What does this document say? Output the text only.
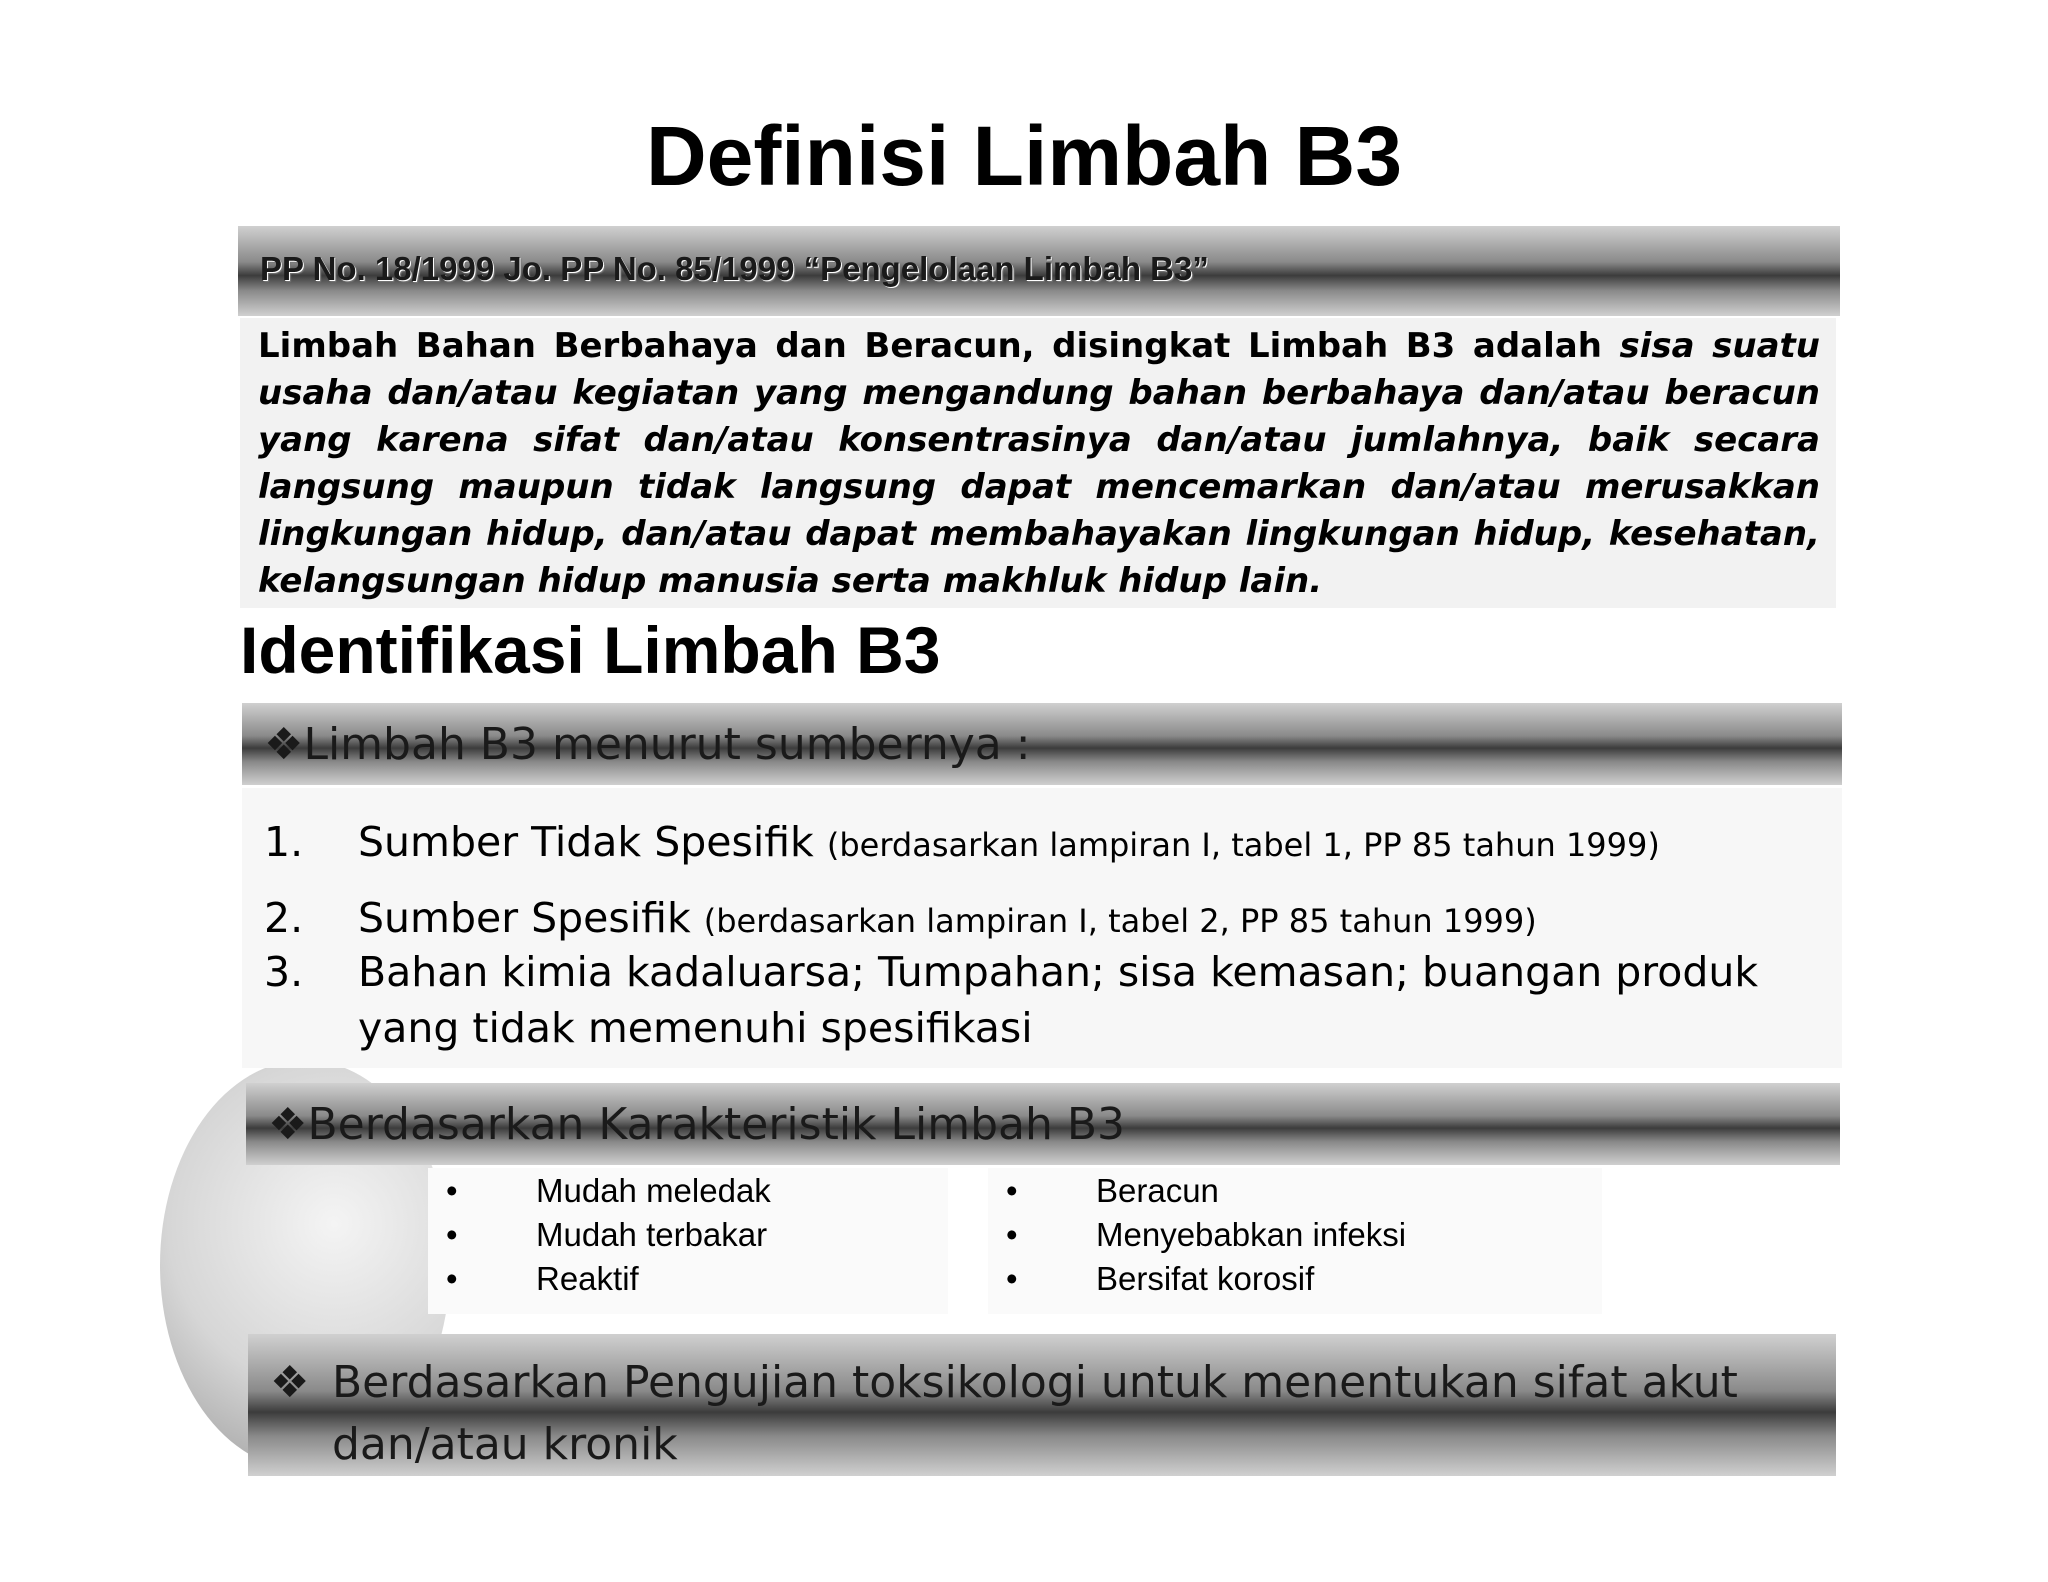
Definisi Limbah B3
PP No. 18/1999 Jo. PP No. 85/1999 “Pengelolaan Limbah B3”

Limbah Bahan Berbahaya dan Beracun, disingkat Limbah B3 adalah sisa suatu usaha dan/atau kegiatan yang mengandung bahan berbahaya dan/atau beracun yang karena sifat dan/atau konsentrasinya dan/atau jumlahnya, baik secara langsung maupun tidak langsung dapat mencemarkan dan/atau merusakkan lingkungan hidup, dan/atau dapat membahayakan lingkungan hidup, kesehatan, kelangsungan hidup manusia serta makhluk hidup lain.

Identifikasi Limbah B3
❖Limbah B3 menurut sumbernya :
1. Sumber Tidak Spesifik (berdasarkan lampiran I, tabel 1, PP 85 tahun 1999)
2. Sumber Spesifik (berdasarkan lampiran I, tabel 2, PP 85 tahun 1999)
3. Bahan kimia kadaluarsa; Tumpahan; sisa kemasan; buangan produk
yang tidak memenuhi spesifikasi
❖Berdasarkan Karakteristik Limbah B3
• Mudah meledak
• Mudah terbakar
• Reaktif
• Beracun
• Menyebabkan infeksi
• Bersifat korosif
❖ Berdasarkan Pengujian toksikologi untuk menentukan sifat akut dan/atau kronik
